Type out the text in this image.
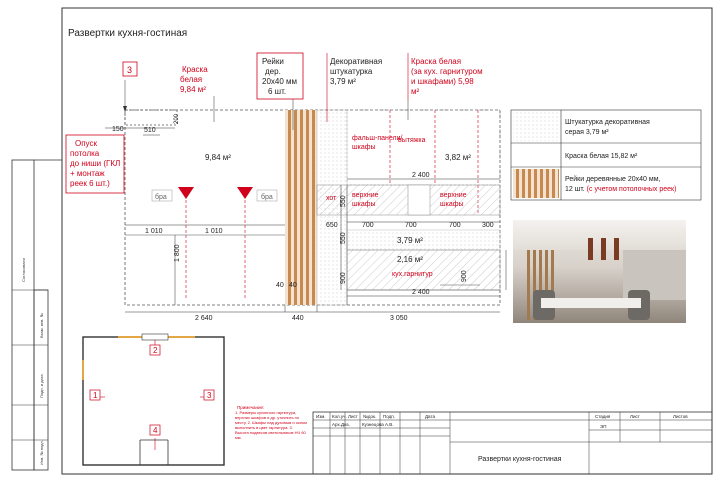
Согласовано
Взам. инв. №
Подп. и дата
Инв. № подл.
Развертки кухня-гостиная
бра	бра
9,84 м²	3,82 м²
3,79 м²
2,16 м²
кух.гарнитур
фальш-панели/ шкафы
вытяжка
верхние шкафы
верхние шкафы
хот
150	510
200
2 400
650	700	700	700	300
550
550
900	900
1 010	1 010
1 800
40 40
2 400
2 640	440	3 050
3	Краска белая 9,84 м²
Рейки дер. 20х40 мм 6 шт.
Декоративная штукатурка 3,79 м²
Краска белая (за кух. гарнитуром и шкафами) 5,98 м²
Опуск потолка до ниши (ГКЛ + монтаж реек 6 шт.)
Штукатурка декоративная серая 3,79 м²
Краска белая 15,82 м²
Рейки деревянные 20х40 мм, 12 шт. (с учетом потолочных реек)
2
1	3
4
Примечание:
1. Размеры кухонного гарнитура, верхних шкафов и др. уточнить по месту. 2. Шкафы над духовым и окном выполнить в цвет гарнитура. 3. Высота подвесов светильников НЧ 60 мм.
Изм. Кол.уч. Лист №док. Подп.	Дата
Арх.Диз.	Кузнецова А.В.
Стадия	Лист	Листов
ЭП
Развертки кухня-гостиная
